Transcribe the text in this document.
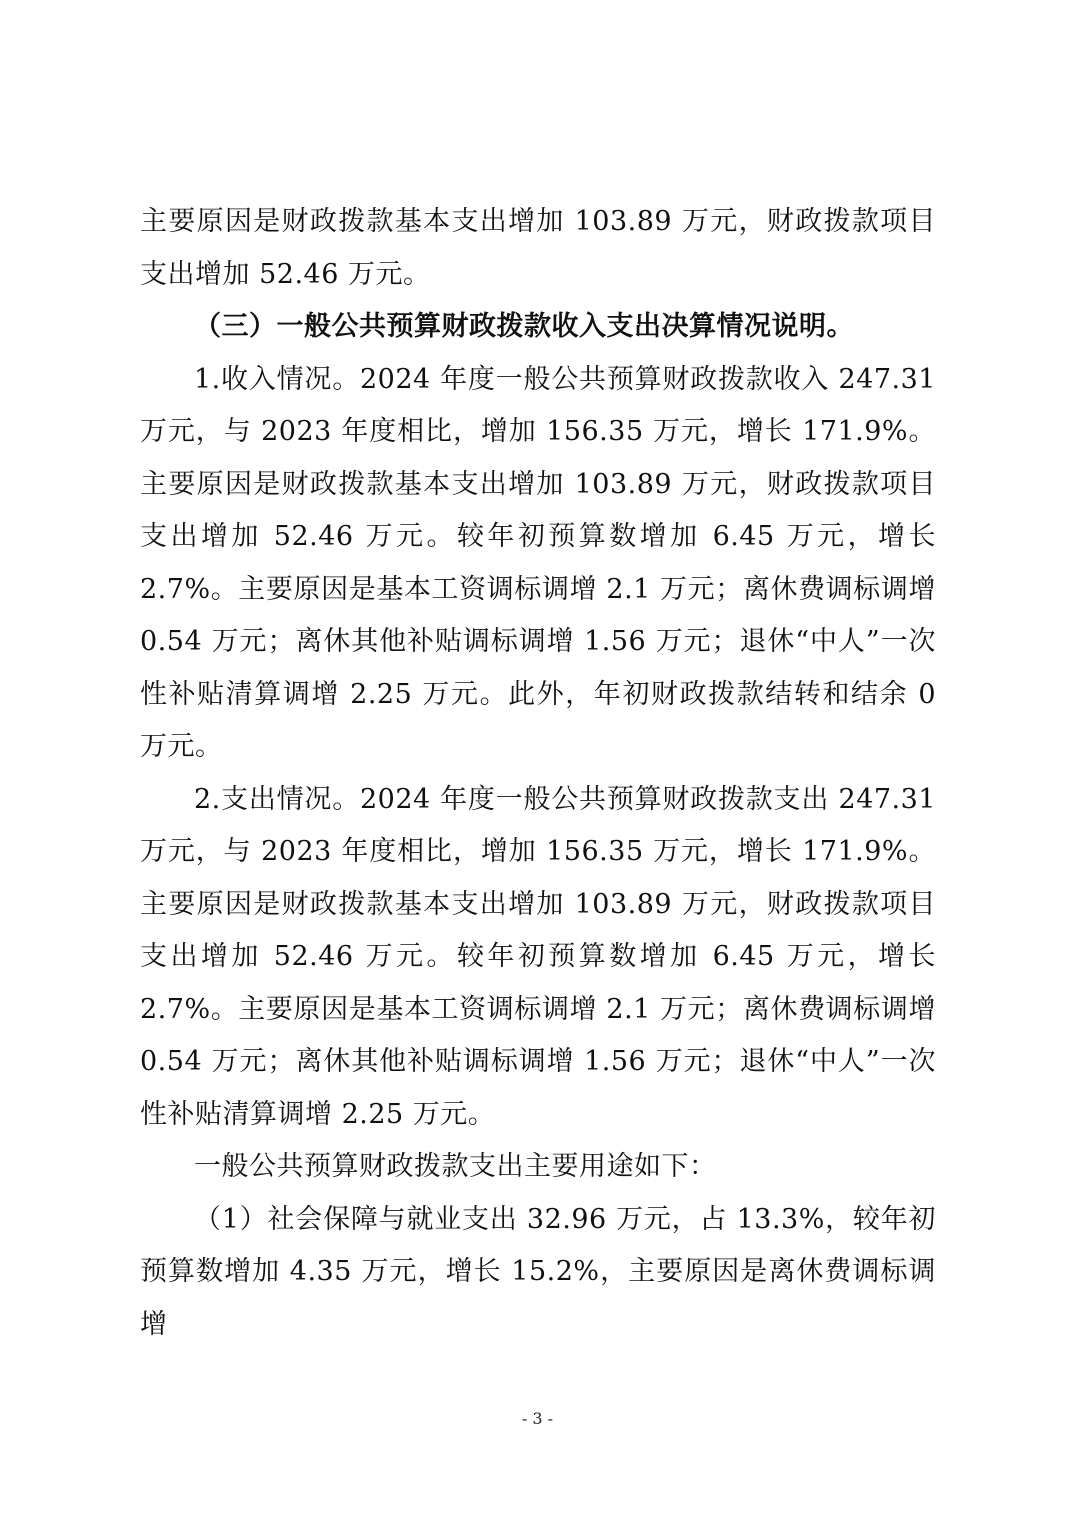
主要原因是财政拨款基本支出增加 103.89 万元，财政拨款项目支出增加 52.46 万元。

（三）一般公共预算财政拨款收入支出决算情况说明。

1.收入情况。2024 年度一般公共预算财政拨款收入 247.31 万元，与 2023 年度相比，增加 156.35 万元，增长 171.9%。主要原因是财政拨款基本支出增加 103.89 万元，财政拨款项目支出增加 52.46 万元。较年初预算数增加 6.45 万元，增长 2.7%。主要原因是基本工资调标调增 2.1 万元；离休费调标调增 0.54 万元；离休其他补贴调标调增 1.56 万元；退休“中人”一次性补贴清算调增 2.25 万元。此外，年初财政拨款结转和结余 0 万元。

2.支出情况。2024 年度一般公共预算财政拨款支出 247.31 万元，与 2023 年度相比，增加 156.35 万元，增长 171.9%。主要原因是财政拨款基本支出增加 103.89 万元，财政拨款项目支出增加 52.46 万元。较年初预算数增加 6.45 万元，增长 2.7%。主要原因是基本工资调标调增 2.1 万元；离休费调标调增 0.54 万元；离休其他补贴调标调增 1.56 万元；退休“中人”一次性补贴清算调增 2.25 万元。

一般公共预算财政拨款支出主要用途如下：

（1）社会保障与就业支出 32.96 万元，占 13.3%，较年初预算数增加 4.35 万元，增长 15.2%，主要原因是离休费调标调增

- 3 -
